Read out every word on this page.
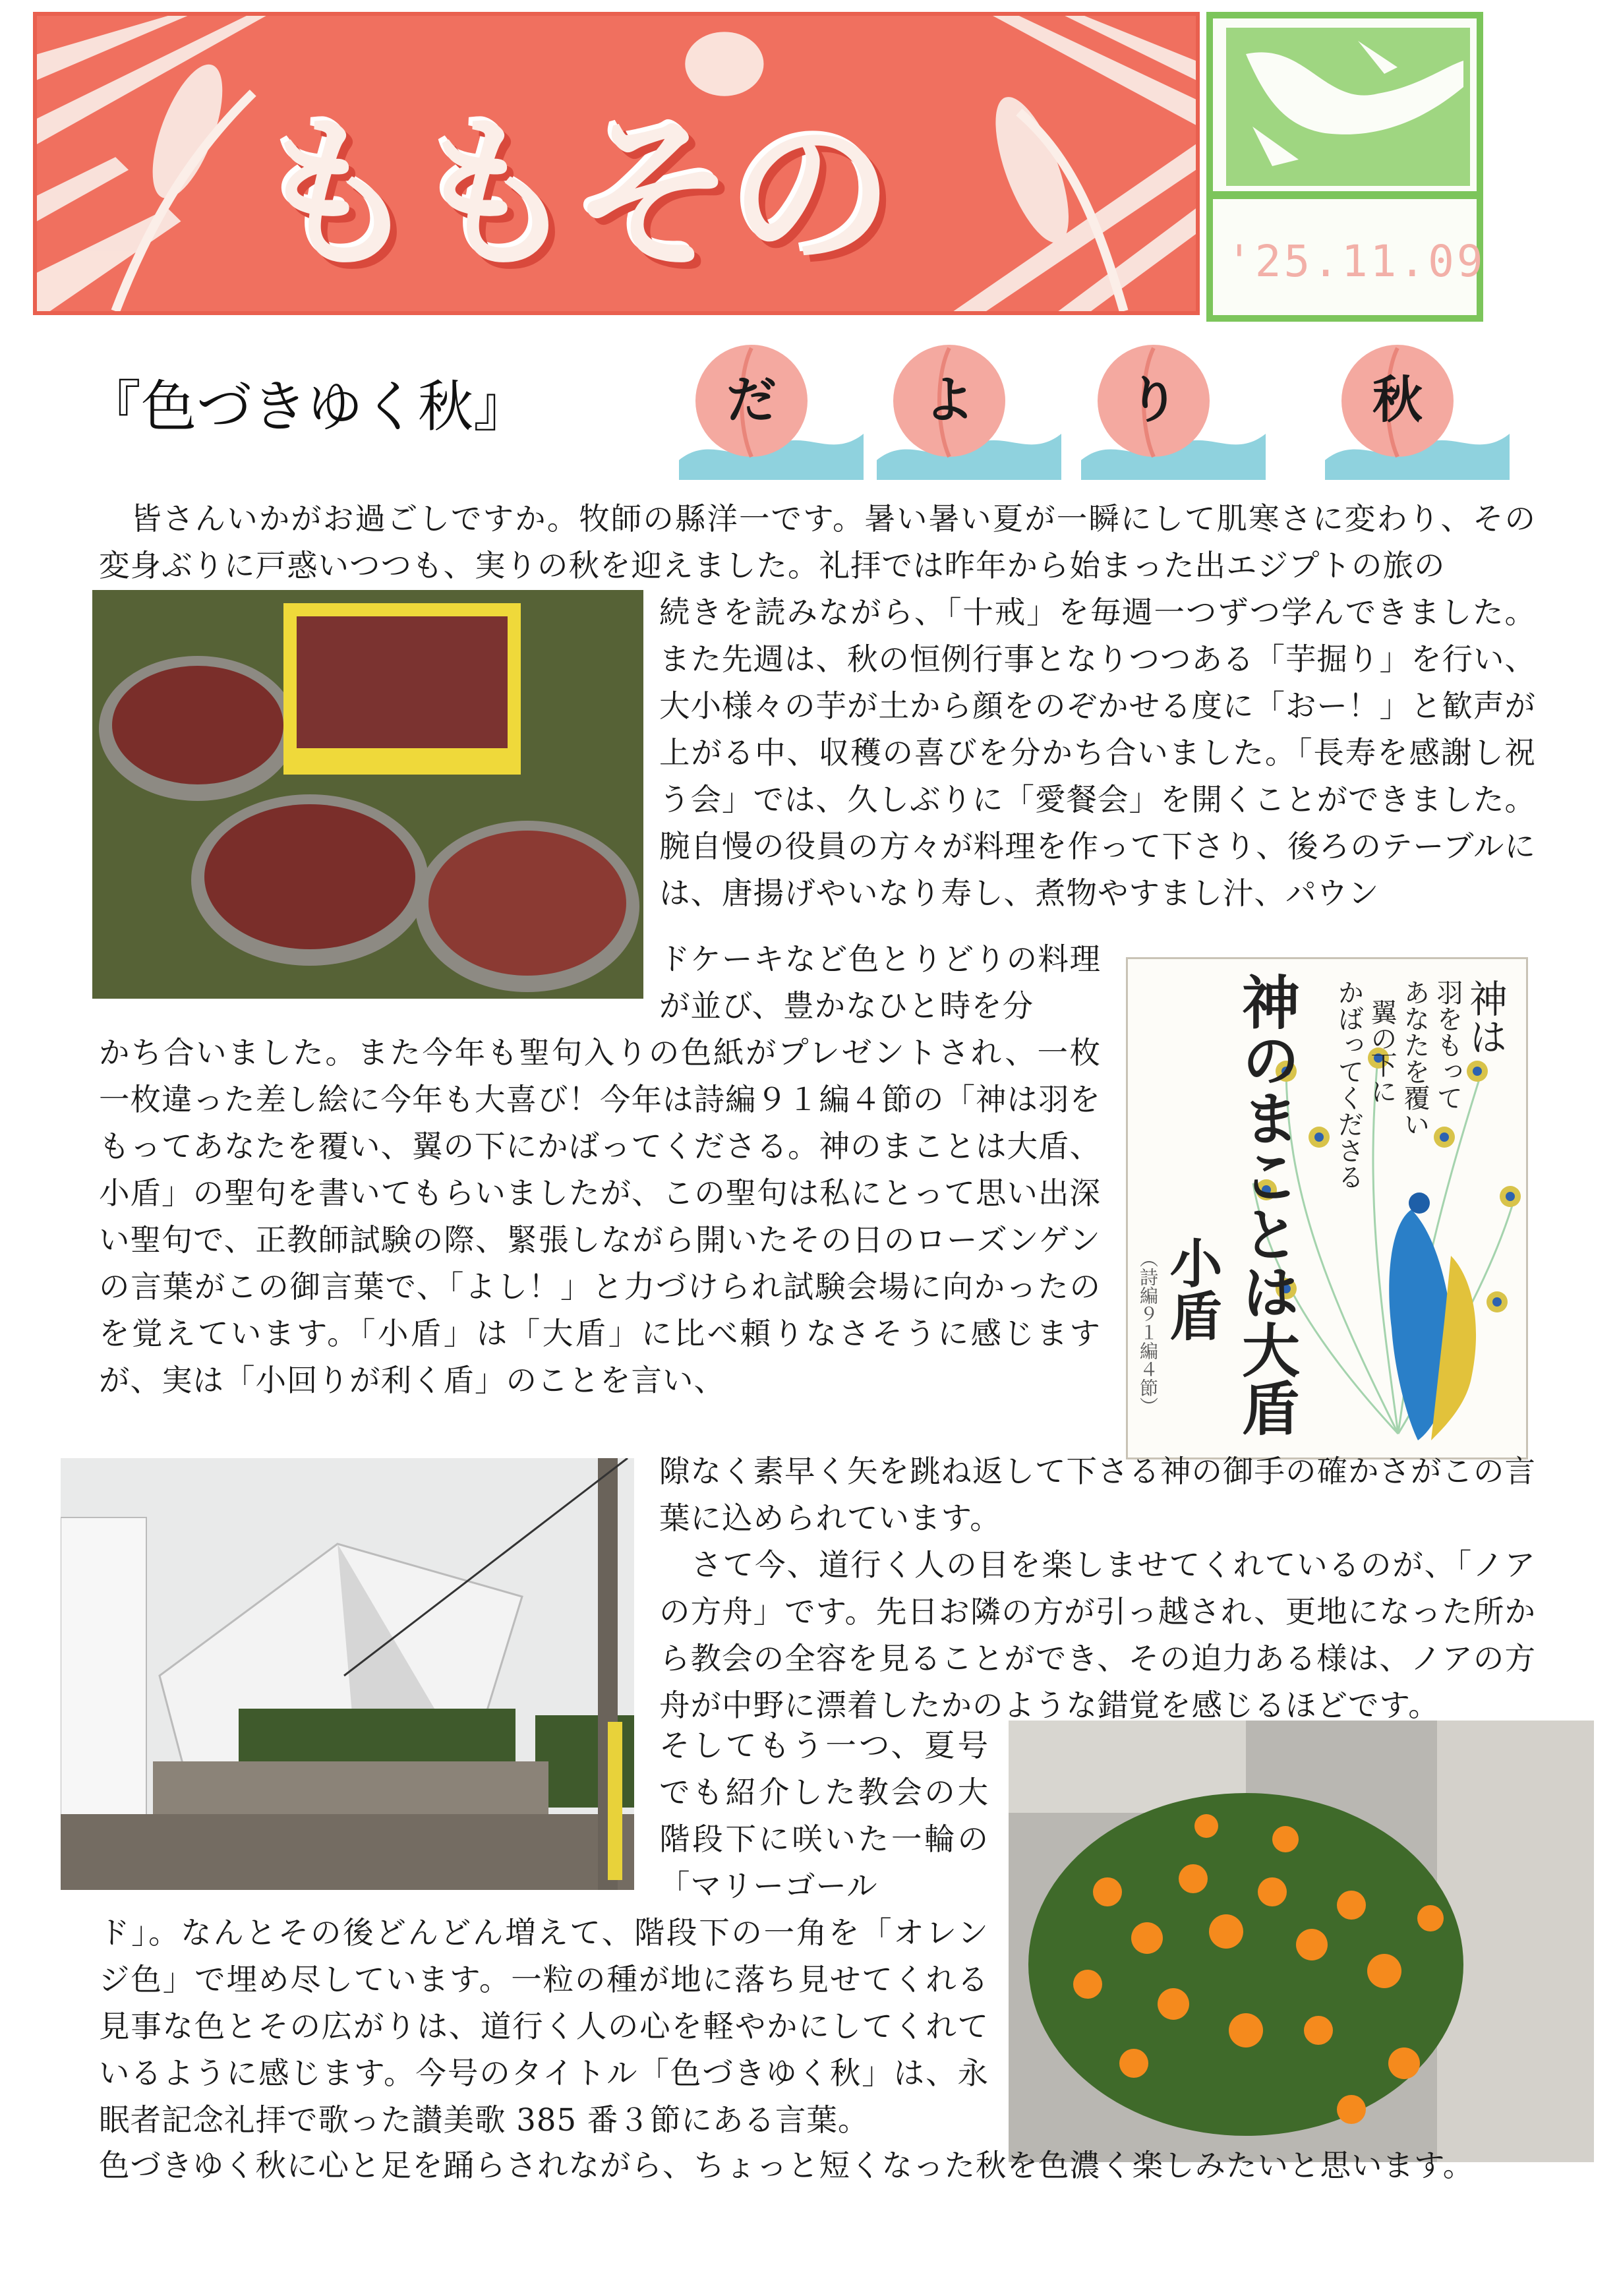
ももその	'25.11.09
『色づきゆく秋』	だ	よ	り	秋
神は
羽をもって
あなたを覆い
翼の下に
かばってくださる
神のまことは大盾
小盾
（詩編９１編４節）

　皆さんいかがお過ごしですか。牧師の縣洋一です。暑い暑い夏が一瞬にして肌寒さに変わり、その変身ぶりに戸惑いつつも、実りの秋を迎えました。礼拝では昨年から始まった出エジプトの旅の

続きを読みながら、「十戒」を毎週一つずつ学んできました。また先週は、秋の恒例行事となりつつある「芋掘り」を行い、大小様々の芋が土から顔をのぞかせる度に「おー！」と歓声が上がる中、収穫の喜びを分かち合いました。「長寿を感謝し祝う会」では、久しぶりに「愛餐会」を開くことができました。腕自慢の役員の方々が料理を作って下さり、後ろのテーブルには、唐揚げやいなり寿し、煮物やすまし汁、パウン

ドケーキなど色とりどりの料理が並び、豊かなひと時を分

かち合いました。また今年も聖句入りの色紙がプレゼントされ、一枚一枚違った差し絵に今年も大喜び！今年は詩編９１編４節の「神は羽をもってあなたを覆い、翼の下にかばってくださる。神のまことは大盾、小盾」の聖句を書いてもらいましたが、この聖句は私にとって思い出深い聖句で、正教師試験の際、緊張しながら開いたその日のローズンゲンの言葉がこの御言葉で、「よし！」と力づけられ試験会場に向かったのを覚えています。「小盾」は「大盾」に比べ頼りなさそうに感じますが、実は「小回りが利く盾」のことを言い、

隙なく素早く矢を跳ね返して下さる神の御手の確かさがこの言葉に込められています。
　さて今、道行く人の目を楽しませてくれているのが、「ノアの方舟」です。先日お隣の方が引っ越され、更地になった所から教会の全容を見ることができ、その迫力ある様は、ノアの方舟が中野に漂着したかのような錯覚を感じるほどです。

そしてもう一つ、夏号でも紹介した教会の大階段下に咲いた一輪の「マリーゴール

ド」。なんとその後どんどん増えて、階段下の一角を「オレンジ色」で埋め尽しています。一粒の種が地に落ち見せてくれる見事な色とその広がりは、道行く人の心を軽やかにしてくれているように感じます。今号のタイトル「色づきゆく秋」は、永眠者記念礼拝で歌った讃美歌 385 番３節にある言葉。

色づきゆく秋に心と足を踊らされながら、ちょっと短くなった秋を色濃く楽しみたいと思います。
